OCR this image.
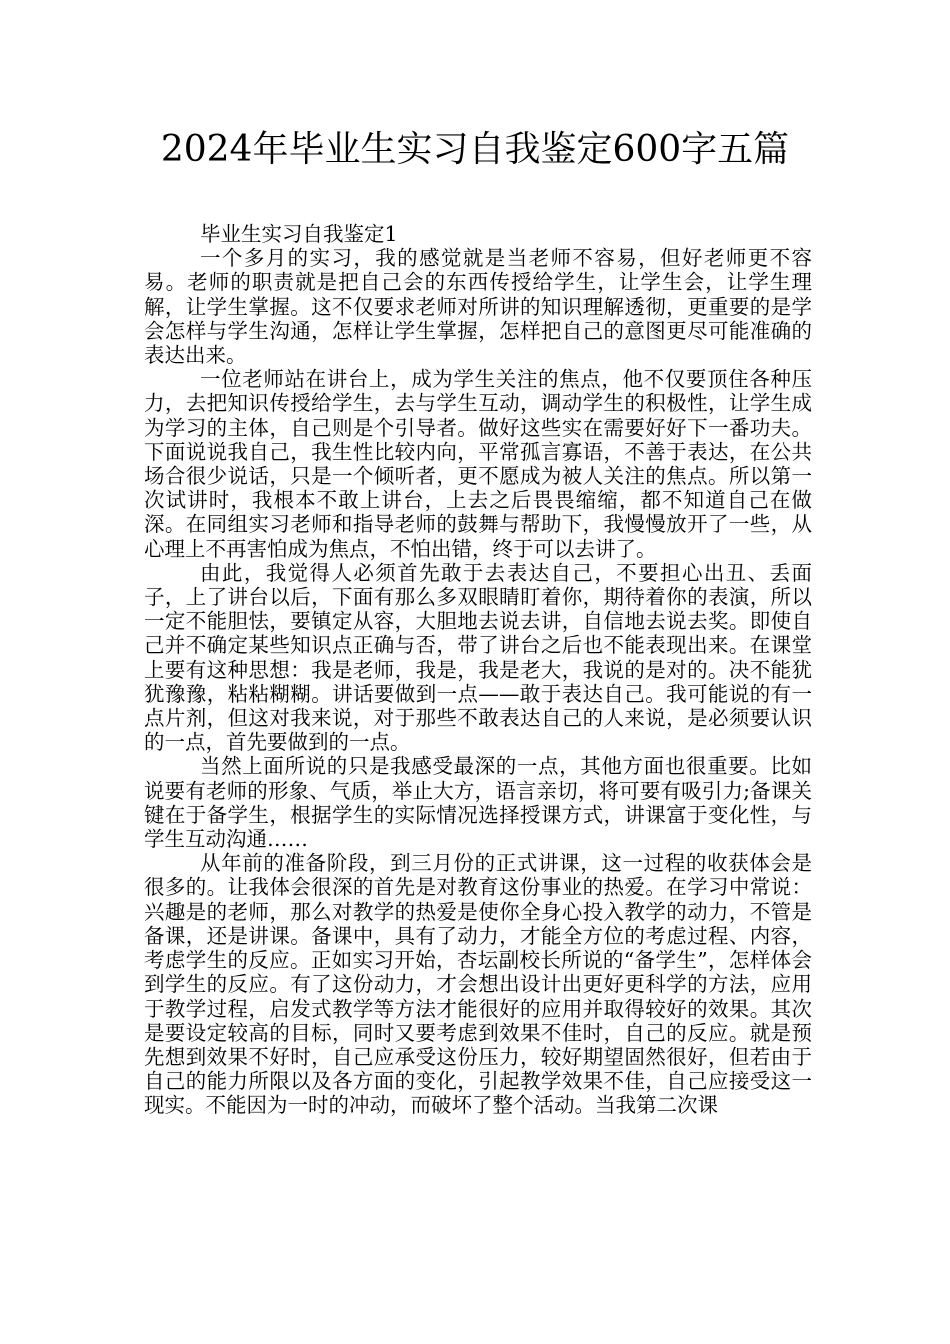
2024年毕业生实习自我鉴定600字五篇

毕业生实习自我鉴定1

一个多月的实习，我的感觉就是当老师不容易，但好老师更不容易。老师的职责就是把自己会的东西传授给学生，让学生会，让学生理解，让学生掌握。这不仅要求老师对所讲的知识理解透彻，更重要的是学会怎样与学生沟通，怎样让学生掌握，怎样把自己的意图更尽可能准确的表达出来。

一位老师站在讲台上，成为学生关注的焦点，他不仅要顶住各种压力，去把知识传授给学生，去与学生互动，调动学生的积极性，让学生成为学习的主体，自己则是个引导者。做好这些实在需要好好下一番功夫。下面说说我自己，我生性比较内向，平常孤言寡语，不善于表达，在公共场合很少说话，只是一个倾听者，更不愿成为被人关注的焦点。所以第一次试讲时，我根本不敢上讲台，上去之后畏畏缩缩，都不知道自己在做深。在同组实习老师和指导老师的鼓舞与帮助下，我慢慢放开了一些，从心理上不再害怕成为焦点，不怕出错，终于可以去讲了。

由此，我觉得人必须首先敢于去表达自己，不要担心出丑、丢面子，上了讲台以后，下面有那么多双眼睛盯着你，期待着你的表演，所以一定不能胆怯，要镇定从容，大胆地去说去讲，自信地去说去奖。即使自己并不确定某些知识点正确与否，带了讲台之后也不能表现出来。在课堂上要有这种思想：我是老师，我是，我是老大，我说的是对的。决不能犹犹豫豫，粘粘糊糊。讲话要做到一点——敢于表达自己。我可能说的有一点片剂，但这对我来说，对于那些不敢表达自己的人来说，是必须要认识的一点，首先要做到的一点。

当然上面所说的只是我感受最深的一点，其他方面也很重要。比如说要有老师的形象、气质，举止大方，语言亲切，将可要有吸引力;备课关键在于备学生，根据学生的实际情况选择授课方式，讲课富于变化性，与学生互动沟通……

从年前的准备阶段，到三月份的正式讲课，这一过程的收获体会是很多的。让我体会很深的首先是对教育这份事业的热爱。在学习中常说：兴趣是的老师，那么对教学的热爱是使你全身心投入教学的动力，不管是备课，还是讲课。备课中，具有了动力，才能全方位的考虑过程、内容，考虑学生的反应。正如实习开始，杏坛副校长所说的“备学生”，怎样体会到学生的反应。有了这份动力，才会想出设计出更好更科学的方法，应用于教学过程，启发式教学等方法才能很好的应用并取得较好的效果。其次是要设定较高的目标，同时又要考虑到效果不佳时，自己的反应。就是预先想到效果不好时，自己应承受这份压力，较好期望固然很好，但若由于自己的能力所限以及各方面的变化，引起教学效果不佳，自己应接受这一现实。不能因为一时的冲动，而破坏了整个活动。当我第二次课
